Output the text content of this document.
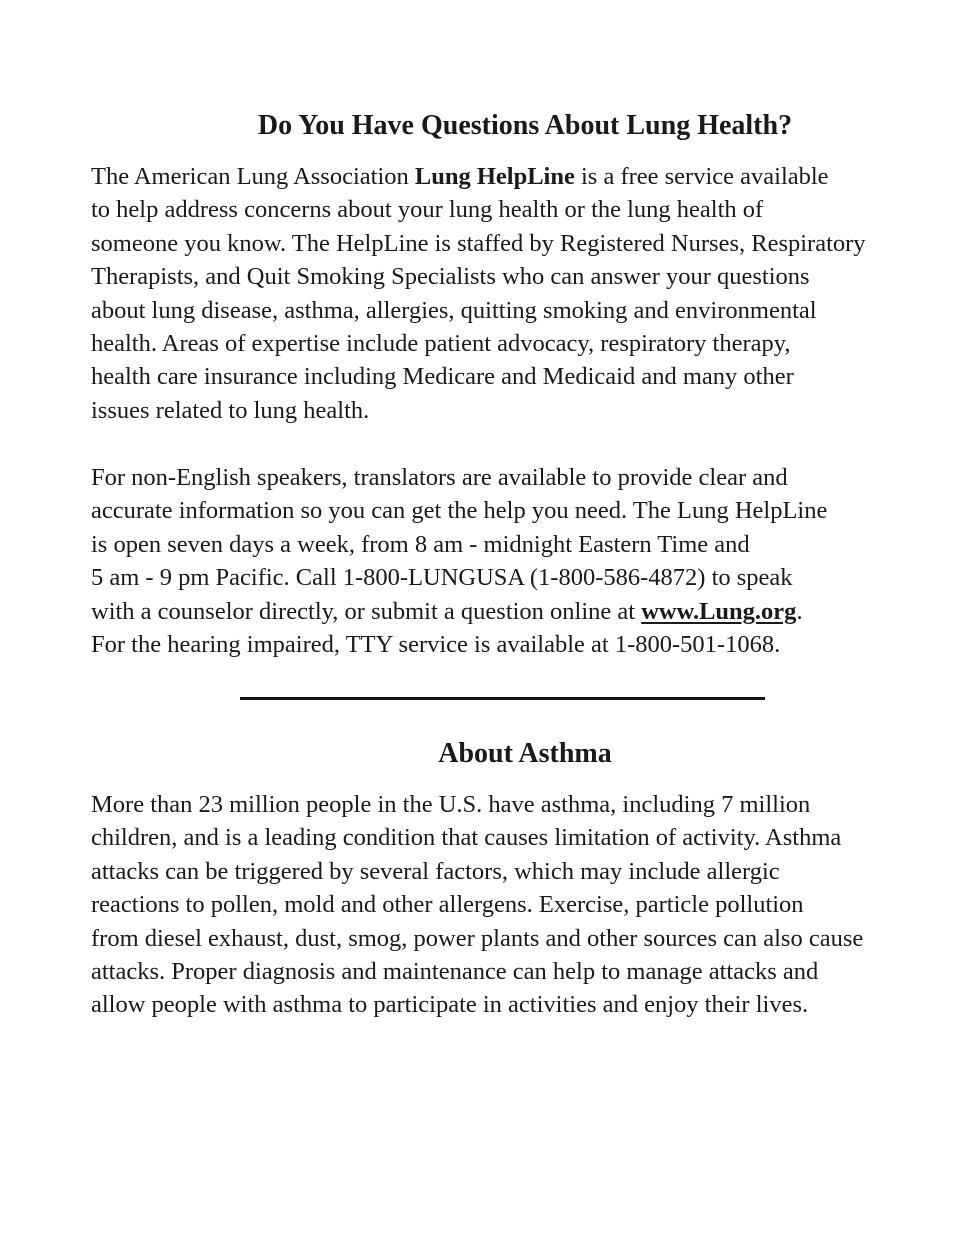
Do You Have Questions About Lung Health?

The American Lung Association Lung HelpLine is a free service available
to help address concerns about your lung health or the lung health of
someone you know. The HelpLine is staffed by Registered Nurses, Respiratory
Therapists, and Quit Smoking Specialists who can answer your questions
about lung disease, asthma, allergies, quitting smoking and environmental
health. Areas of expertise include patient advocacy, respiratory therapy,
health care insurance including Medicare and Medicaid and many other
issues related to lung health.

For non-English speakers, translators are available to provide clear and
accurate information so you can get the help you need. The Lung HelpLine
is open seven days a week, from 8 am - midnight Eastern Time and
5 am - 9 pm Pacific. Call 1-800-LUNGUSA (1-800-586-4872) to speak
with a counselor directly, or submit a question online at www.Lung.org.
For the hearing impaired, TTY service is available at 1-800-501-1068.

About Asthma

More than 23 million people in the U.S. have asthma, including 7 million
children, and is a leading condition that causes limitation of activity. Asthma
attacks can be triggered by several factors, which may include allergic
reactions to pollen, mold and other allergens. Exercise, particle pollution
from diesel exhaust, dust, smog, power plants and other sources can also cause
attacks. Proper diagnosis and maintenance can help to manage attacks and
allow people with asthma to participate in activities and enjoy their lives.
